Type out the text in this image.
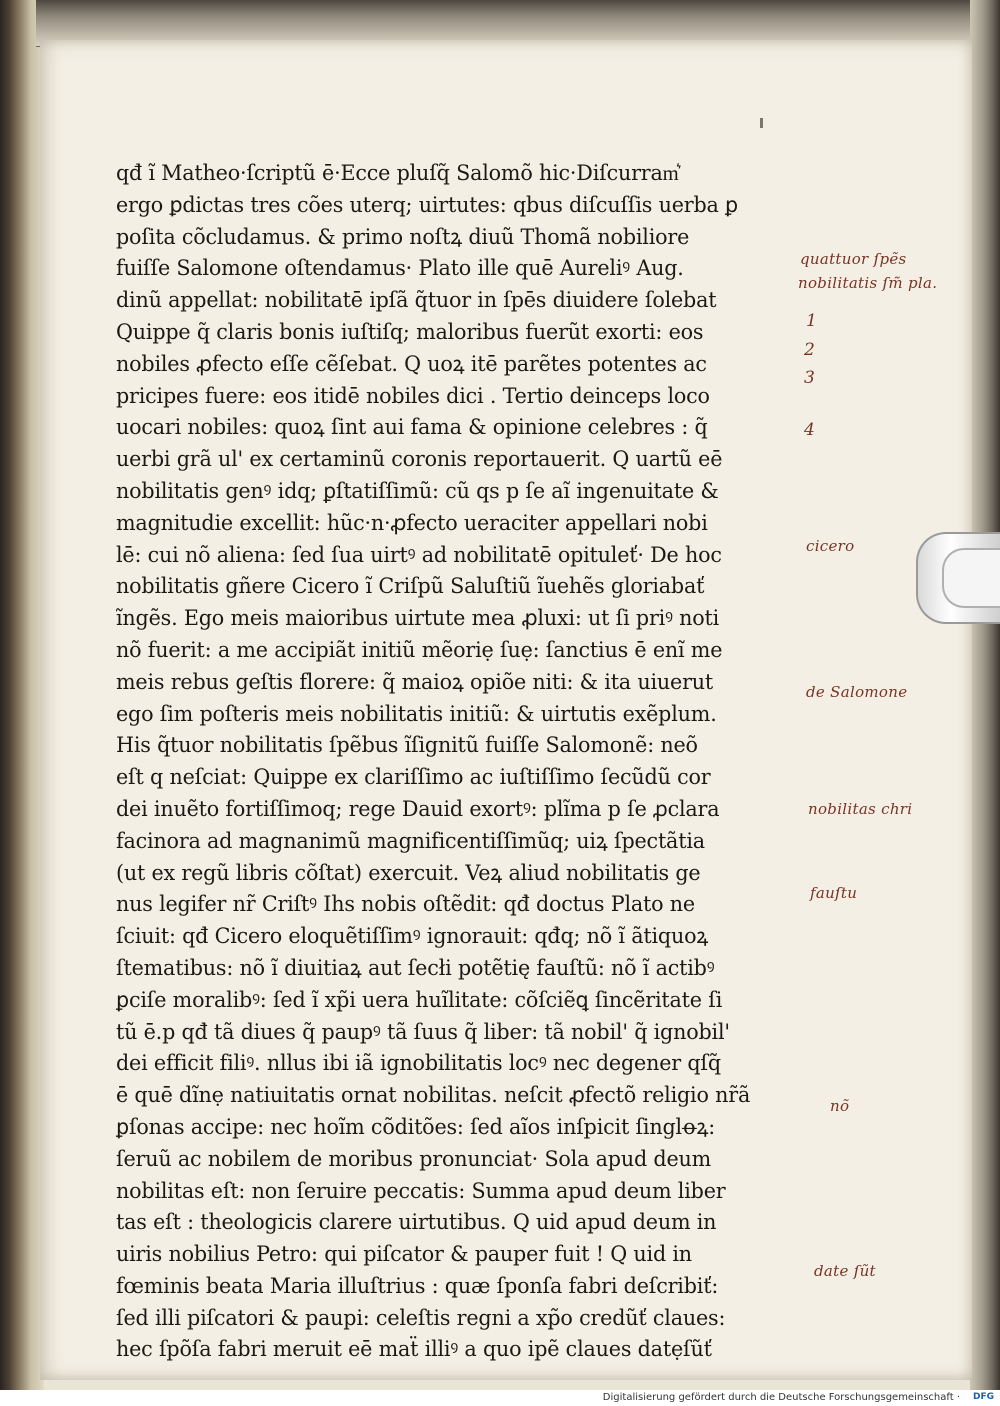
qđ ĩ Matheo·ſcriptũ ē·Ecce pluſq̃ Salomõ hic·Diſcurram͛
ergo ꝑdictas tres cões uterq; uirtutes: qbus diſcuſſis uerba ꝑ
poſita cõcludamus. & primo noſtꝝ diuũ Thomã nobiliore
fuiſſe Salomone oſtendamus· Plato ille quē Aureliꝰ Aug.
dinũ appellat: nobilitatē ipſã q̃tuor in ſpēs diuidere ſolebat
Quippe q̃ claris bonis iuſtiſq; maloribus fuerũt exorti: eos
nobiles ꝓfecto eſſe cẽſebat. Q uoꝝ itē parẽtes potentes ac
pricipes fuere: eos itidē nobiles dici . Tertio deinceps loco
uocari nobiles: quoꝝ ſint aui fama & opinione celebres : q̃
uerbi grã ul' ex certaminũ coronis reportauerit. Q uartũ eē
nobilitatis genꝰ idq; ꝑſtatiſſimũ: cũ qs p ſe aĩ ingenuitate &
magnitudie excellit: hũc·n·ꝓfecto ueraciter appellari nobi
lē: cui nõ aliena: ſed ſua uirtꝰ ad nobilitatē opituleť· De hoc
nobilitatis gñere Cicero ĩ Criſpũ Saluſtiũ ĩuehẽs gloriabať
ĩngẽs. Ego meis maioribus uirtute mea ꝓluxi: ut ſi priꝰ noti
nõ fuerit: a me accipiãt initiũ mẽoriẹ ſuẹ: ſanctius ē enĩ me
meis rebus geſtis florere: q̃ maioꝝ opiõe niti: & ita uiuerut
ego ſim poſteris meis nobilitatis initiũ: & uirtutis exẽplum.
His q̃tuor nobilitatis ſpẽbus ĩſignitũ fuiſſe Salomonẽ: neõ
eſt q neſciat: Quippe ex clariſſimo ac iuſtiſſimo ſecũdũ cor
dei inuẽto fortiſſimoq; rege Dauid exortꝰ: plĩma p ſe ꝓclara
facinora ad magnanimũ magnificentiſſimũq; uiꝝ ſpectãtia
(ut ex regũ libris cõſtat) exercuit. Veꝝ aliud nobilitatis ge
nus legifer nr̃ Criſtꝰ Ihs nobis oſtẽdit: qđ doctus Plato ne
ſciuit: qđ Cicero eloquẽtiſſimꝰ ignorauit: qđq; nõ ĩ ãtiquoꝝ
ſtematibus: nõ ĩ diuitiaꝝ aut ſecłi potẽtię fauſtũ: nõ ĩ actibꝰ
ꝑciſe moralibꝰ: ſed ĩ xp̃i uera huĩlitate: cõſciẽꝗ ſincẽritate ſi
tũ ē.p qđ tã diues q̃ paupꝰ tã ſuus q̃ liber: tã nobil' q̃ ignobil'
dei efficit filiꝰ. nllus ibi iã ignobilitatis locꝰ nec degener qſq̃
ē quē dĩnẹ natiuitatis ornat nobilitas. neſcit ꝓfectõ religio nr̃ã
ꝑſonas accipe: nec hoĩm cõditões: ſed aĩos inſpicit ſinglꝋꝝ:
ſeruũ ac nobilem de moribus pronunciat· Sola apud deum
nobilitas eſt: non ſeruire peccatis: Summa apud deum liber
tas eſt : theologicis clarere uirtutibus. Q uid apud deum in
uiris nobilius Petro: qui piſcator & pauper fuit ! Q uid in
fœminis beata Maria illuſtrius : quæ ſponſa fabri deſcribiť:
ſed illi piſcatori & paupi: celeſtis regni a xp̃o credũť claues:
hec ſpõſa fabri meruit eē maẗ illiꝰ a quo ipẽ claues datẹſũť
quattuor ſpẽs
nobilitatis ſm̃ pla.
1
2
3
4
cicero
de Salomone
nobilitas chri
fauſtu
nõ
date ſũt
Digitalisierung gefördert durch die Deutsche Forschungsgemeinschaft · DFG
